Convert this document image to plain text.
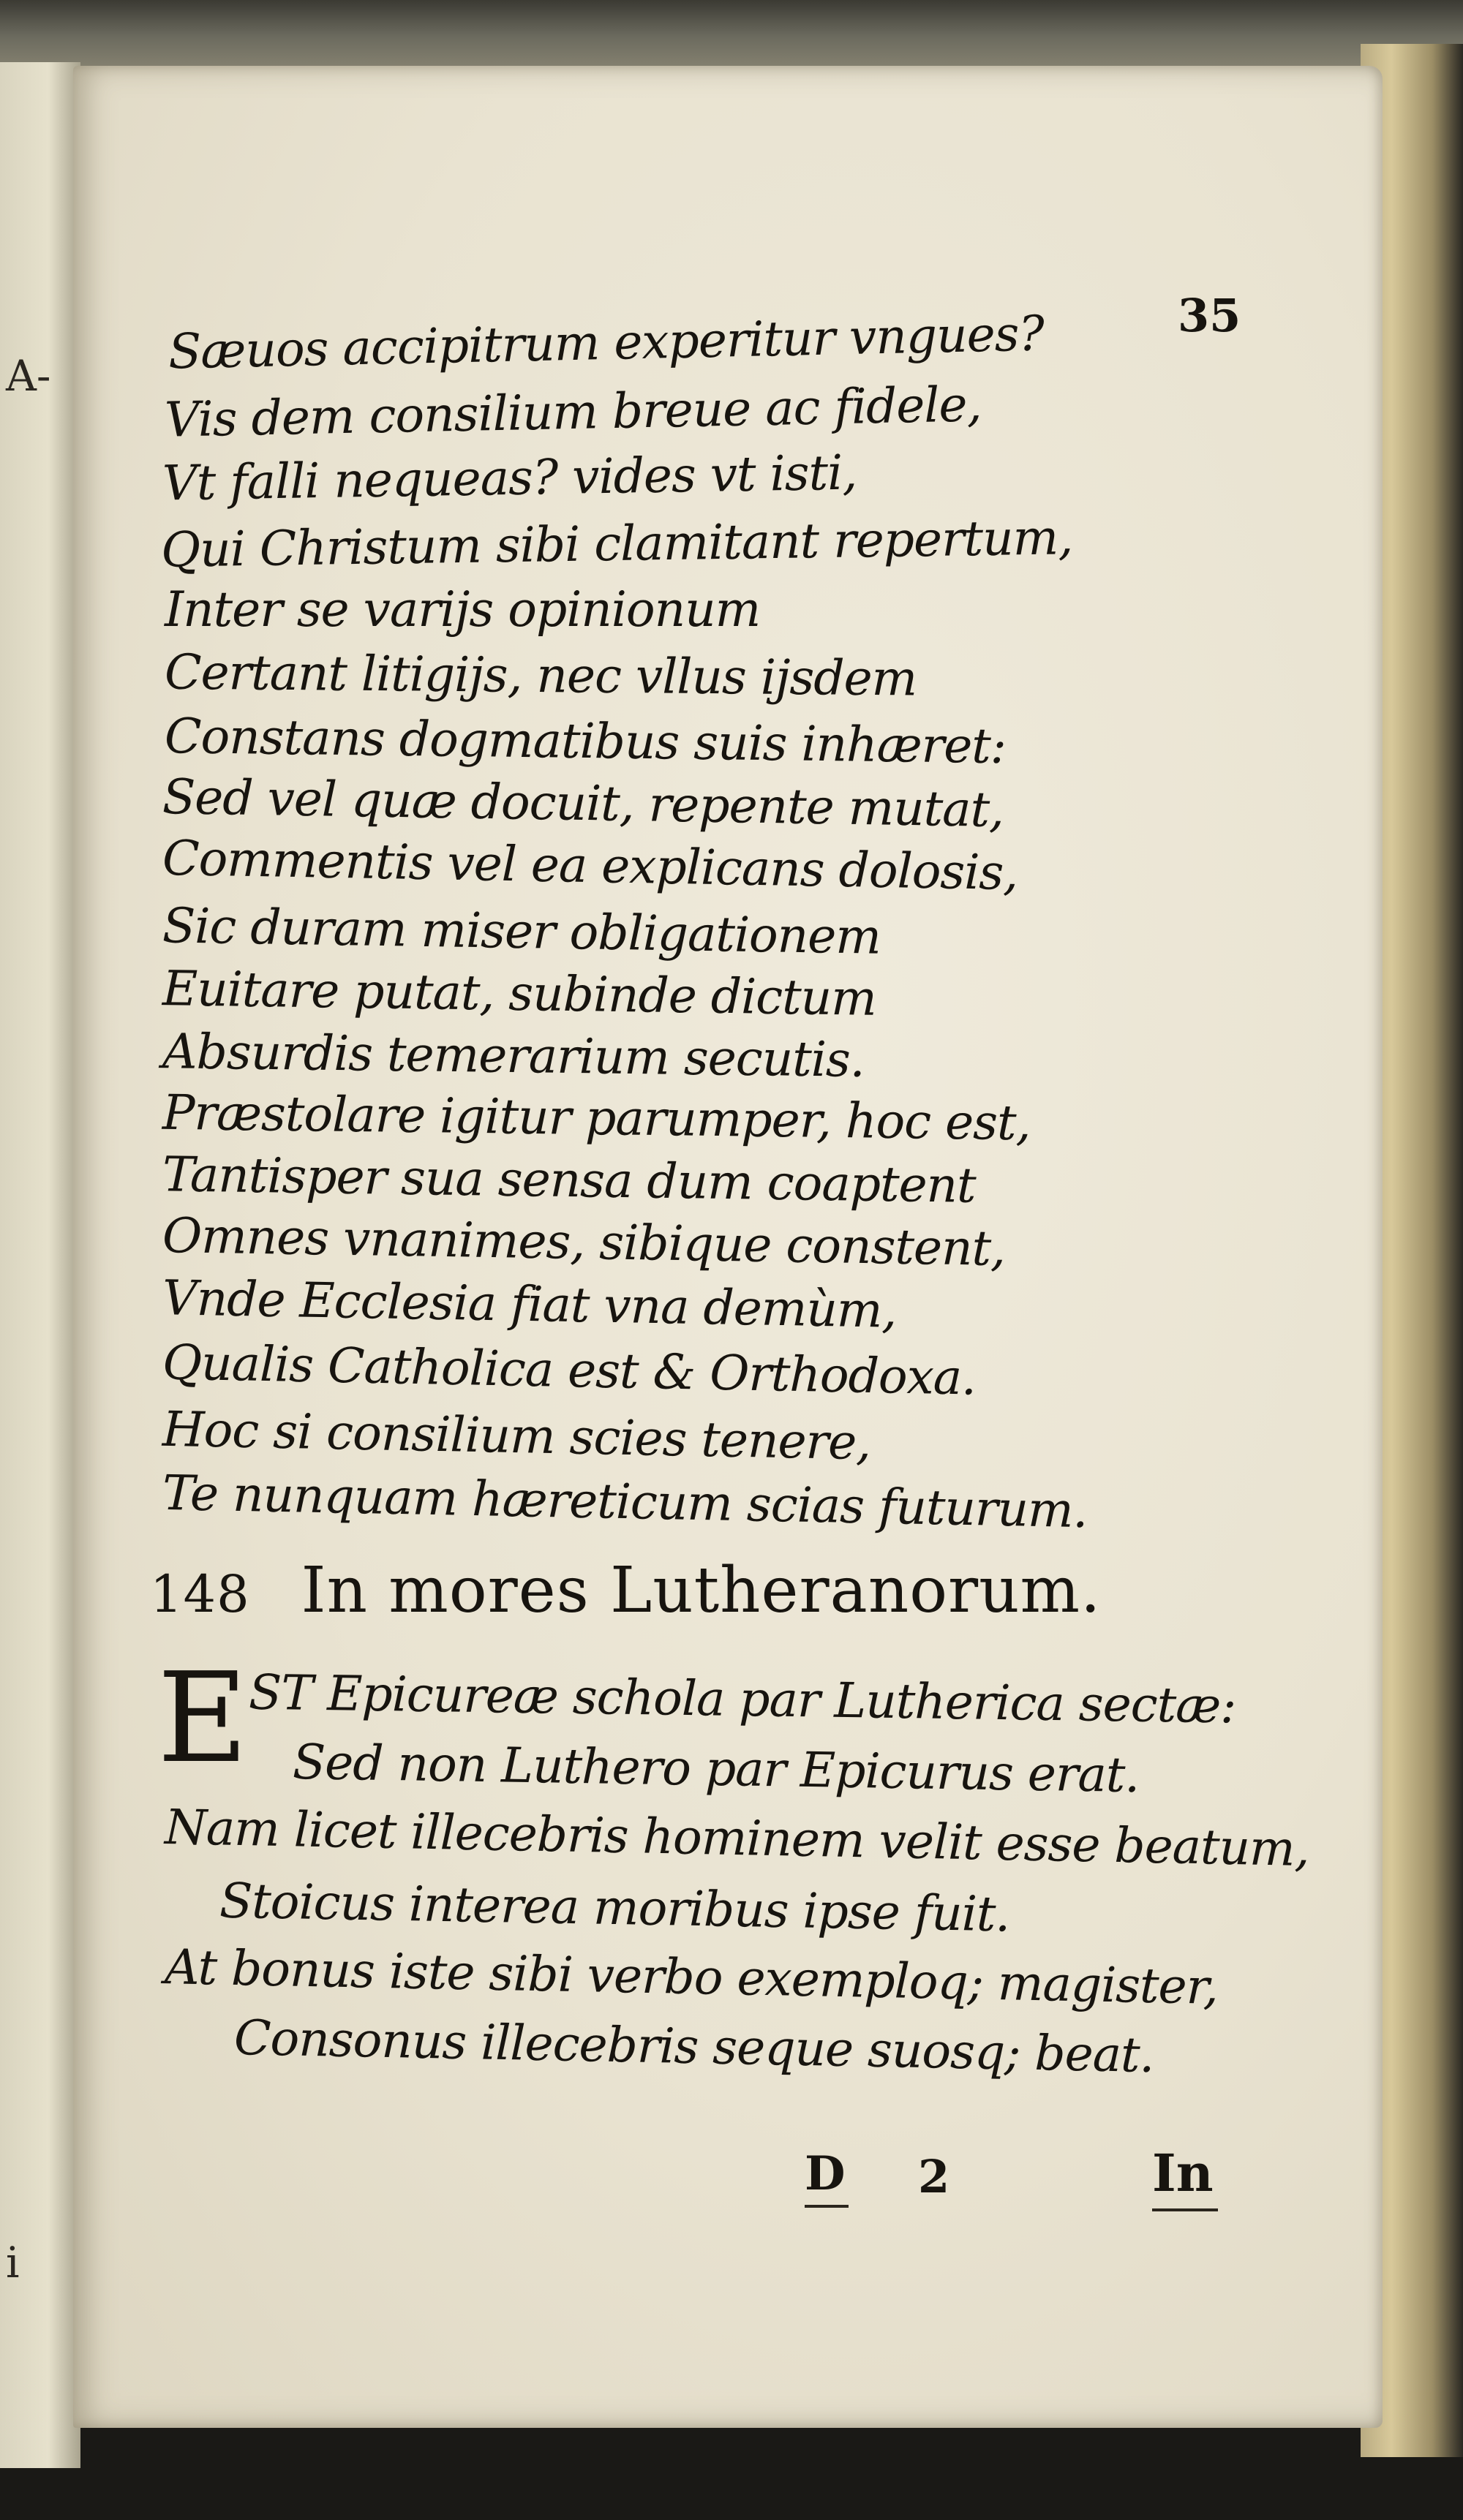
A-
i
35
Sæuos accipitrum experitur vngues?
Vis dem consilium breue ac fidele,
Vt falli nequeas? vides vt isti,
Qui Christum sibi clamitant repertum,
Inter se varijs opinionum
Certant litigijs, nec vllus ijsdem
Constans dogmatibus suis inhæret:
Sed vel quæ docuit, repente mutat,
Commentis vel ea explicans dolosis,
Sic duram miser obligationem
Euitare putat, subinde dictum
Absurdis temerarium secutis.
Præstolare igitur parumper, hoc est,
Tantisper sua sensa dum coaptent
Omnes vnanimes, sibique constent,
Vnde Ecclesia fiat vna demùm,
Qualis Catholica est & Orthodoxa.
Hoc si consilium scies tenere,
Te nunquam hæreticum scias futurum.
148 In mores Lutheranorum.
E ST Epicureæ schola par Lutherica sectæ:
Sed non Luthero par Epicurus erat.
Nam licet illecebris hominem velit esse beatum,
Stoicus interea moribus ipse fuit.
At bonus iste sibi verbo exemploq; magister,
Consonus illecebris seque suosq; beat.
D 2	In
